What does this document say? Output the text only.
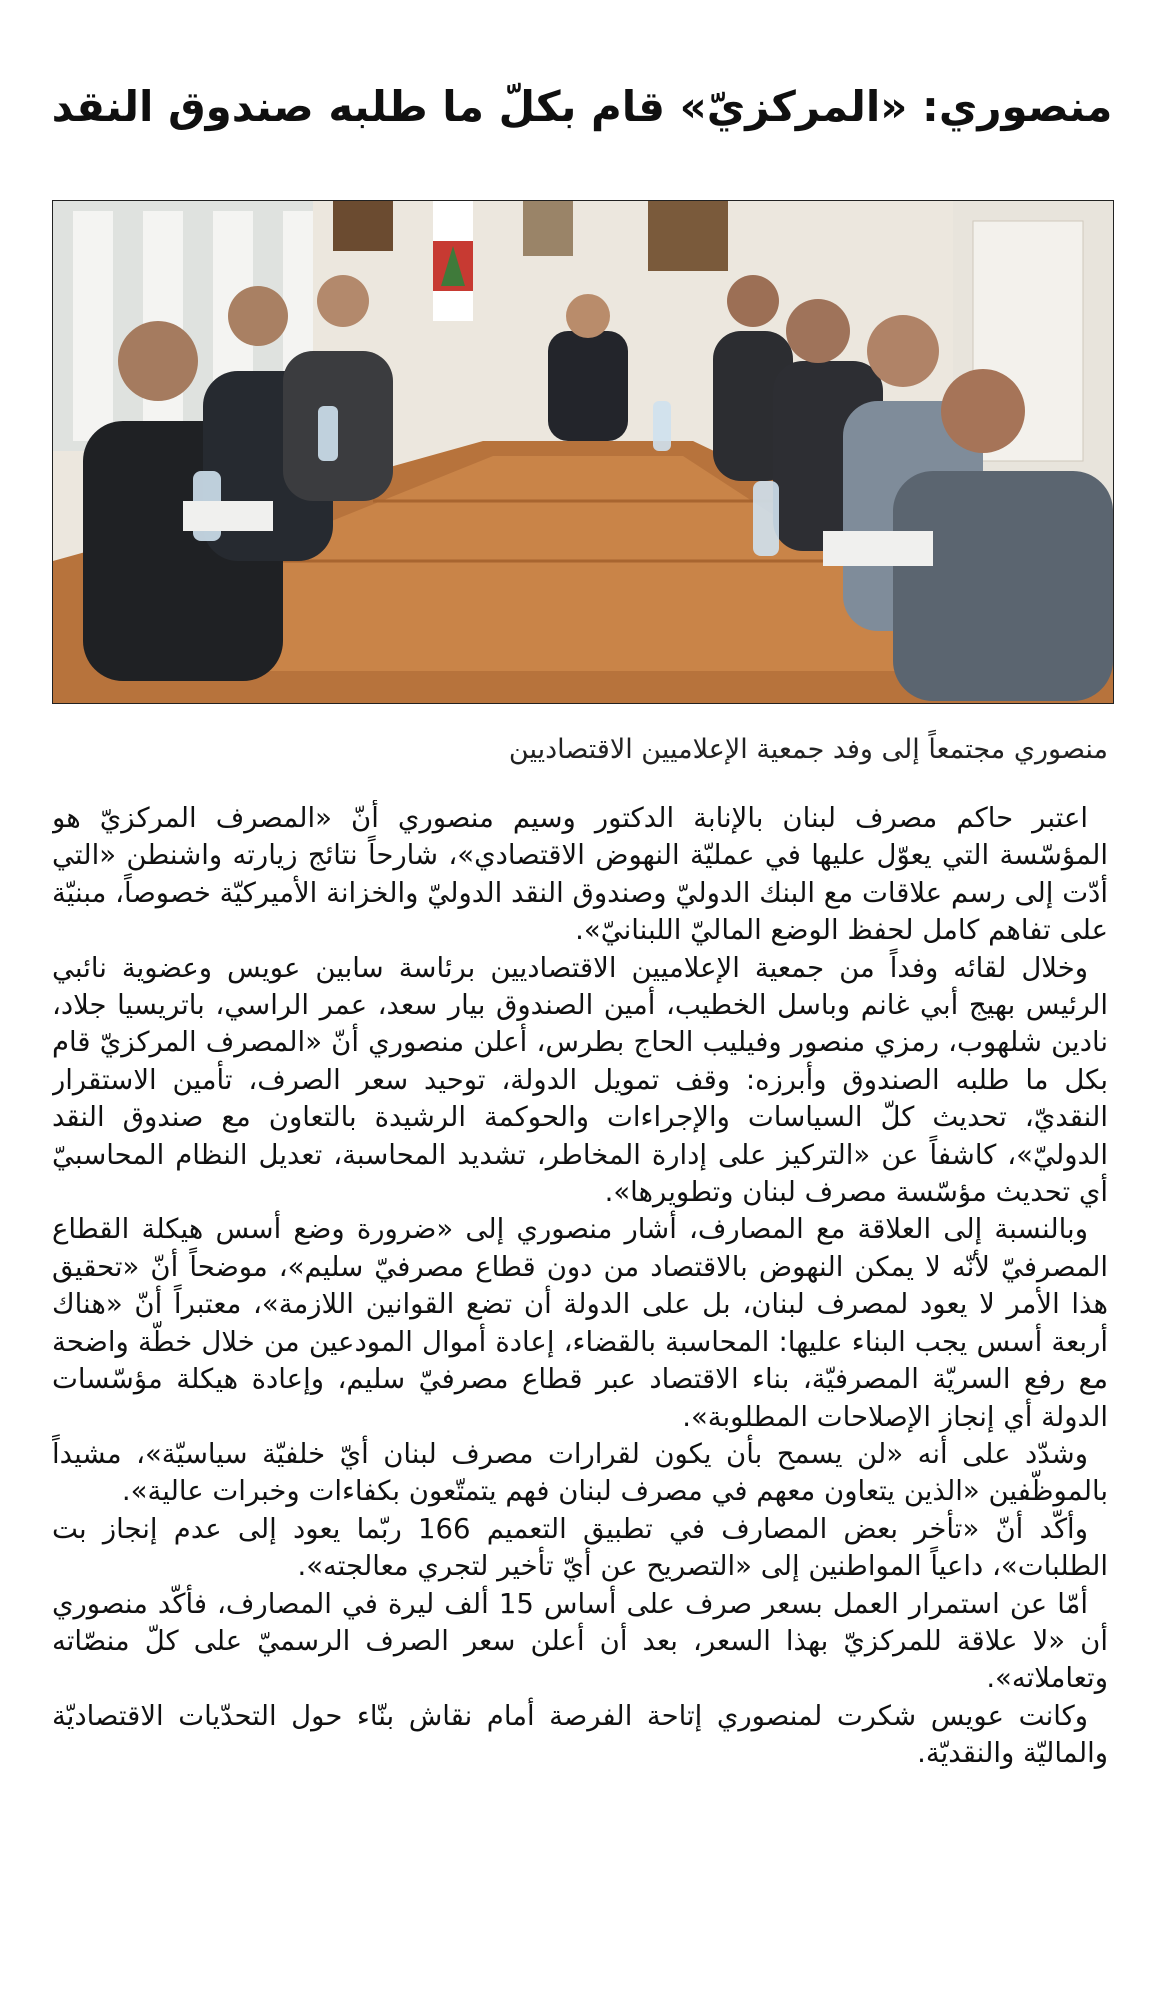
منصوري: «المركزيّ» قام بكلّ ما طلبه صندوق النقد

منصوري مجتمعاً إلى وفد جمعية الإعلاميين الاقتصاديين

اعتبر حاكم مصرف لبنان بالإنابة الدكتور وسيم منصوري أنّ «المصرف المركزيّ هو المؤسّسة التي يعوّل عليها في عمليّة النهوض الاقتصادي»، شارحاً نتائج زيارته واشنطن «التي أدّت إلى رسم علاقات مع البنك الدوليّ وصندوق النقد الدوليّ والخزانة الأميركيّة خصوصاً، مبنيّة على تفاهم كامل لحفظ الوضع الماليّ اللبنانيّ».

وخلال لقائه وفداً من جمعية الإعلاميين الاقتصاديين برئاسة سابين عويس وعضوية نائبي الرئيس بهيج أبي غانم وباسل الخطيب، أمين الصندوق بيار سعد، عمر الراسي، باتريسيا جلاد، نادين شلهوب، رمزي منصور وفيليب الحاج بطرس، أعلن منصوري أنّ «المصرف المركزيّ قام بكل ما طلبه الصندوق وأبرزه: وقف تمويل الدولة، توحيد سعر الصرف، تأمين الاستقرار النقديّ، تحديث كلّ السياسات والإجراءات والحوكمة الرشيدة بالتعاون مع صندوق النقد الدوليّ»، كاشفاً عن «التركيز على إدارة المخاطر، تشديد المحاسبة، تعديل النظام المحاسبيّ أي تحديث مؤسّسة مصرف لبنان وتطويرها».

وبالنسبة إلى العلاقة مع المصارف، أشار منصوري إلى «ضرورة وضع أسس هيكلة القطاع المصرفيّ لأنّه لا يمكن النهوض بالاقتصاد من دون قطاع مصرفيّ سليم»، موضحاً أنّ «تحقيق هذا الأمر لا يعود لمصرف لبنان، بل على الدولة أن تضع القوانين اللازمة»، معتبراً أنّ «هناك أربعة أسس يجب البناء عليها: المحاسبة بالقضاء، إعادة أموال المودعين من خلال خطّة واضحة مع رفع السريّة المصرفيّة، بناء الاقتصاد عبر قطاع مصرفيّ سليم، وإعادة هيكلة مؤسّسات الدولة أي إنجاز الإصلاحات المطلوبة».

وشدّد على أنه «لن يسمح بأن يكون لقرارات مصرف لبنان أيّ خلفيّة سياسيّة»، مشيداً بالموظّفين «الذين يتعاون معهم في مصرف لبنان فهم يتمتّعون بكفاءات وخبرات عالية».

وأكّد أنّ «تأخر بعض المصارف في تطبيق التعميم 166 ربّما يعود إلى عدم إنجاز بت الطلبات»، داعياً المواطنين إلى «التصريح عن أيّ تأخير لتجري معالجته».

أمّا عن استمرار العمل بسعر صرف على أساس 15 ألف ليرة في المصارف، فأكّد منصوري أن «لا علاقة للمركزيّ بهذا السعر، بعد أن أعلن سعر الصرف الرسميّ على كلّ منصّاته وتعاملاته».

وكانت عويس شكرت لمنصوري إتاحة الفرصة أمام نقاش بنّاء حول التحدّيات الاقتصاديّة والماليّة والنقديّة.
